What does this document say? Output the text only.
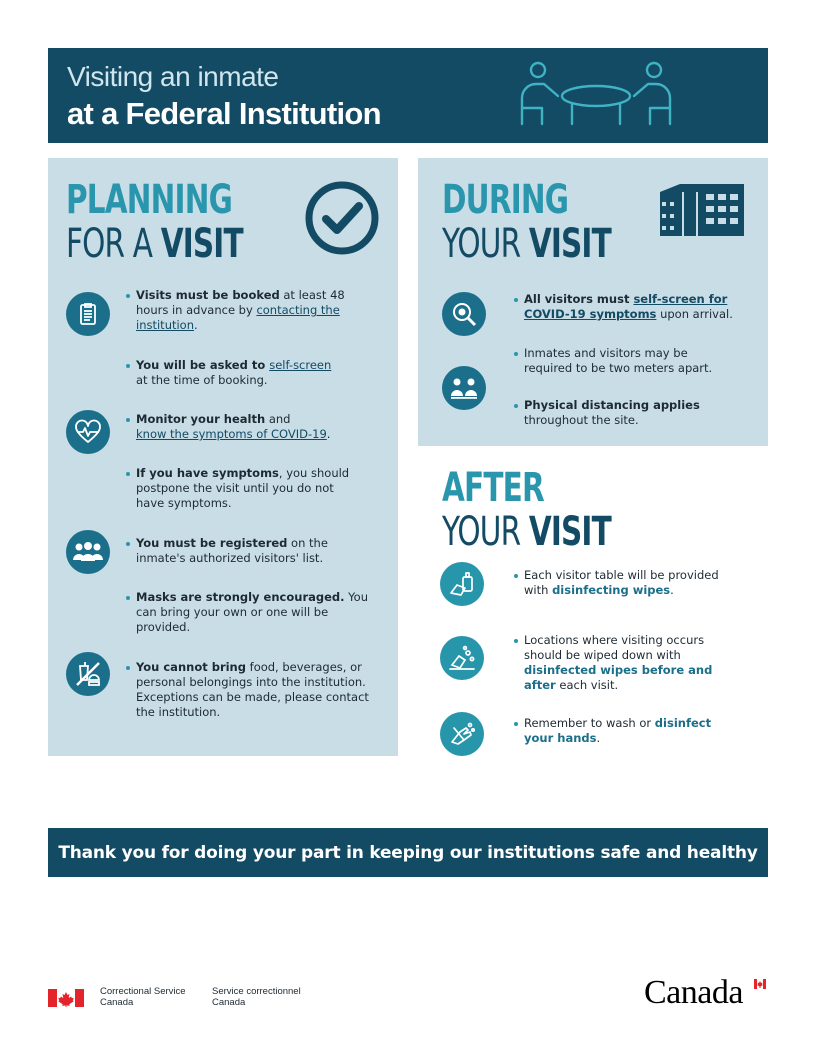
Visiting an inmate
at a Federal Institution
PLANNING
FOR A VISIT
Visits must be booked at least 48 hours in advance by contacting the institution.
You will be asked to self-screen
at the time of booking.
Monitor your health and
know the symptoms of COVID-19.
If you have symptoms, you should postpone the visit until you do not have symptoms.
You must be registered on the inmate's authorized visitors' list.
Masks are strongly encouraged. You can bring your own or one will be provided.
You cannot bring food, beverages, or personal belongings into the institution. Exceptions can be made, please contact the institution.
DURING
YOUR VISIT
All visitors must self-screen for COVID-19 symptoms upon arrival.
Inmates and visitors may be required to be two meters apart.
Physical distancing applies throughout the site.
AFTER
YOUR VISIT
Each visitor table will be provided with disinfecting wipes.
Locations where visiting occurs should be wiped down with disinfected wipes before and after each visit.
Remember to wash or disinfect your hands.
Thank you for doing your part in keeping our institutions safe and healthy
Correctional Service
Canada
Service correctionnel
Canada	Canada
